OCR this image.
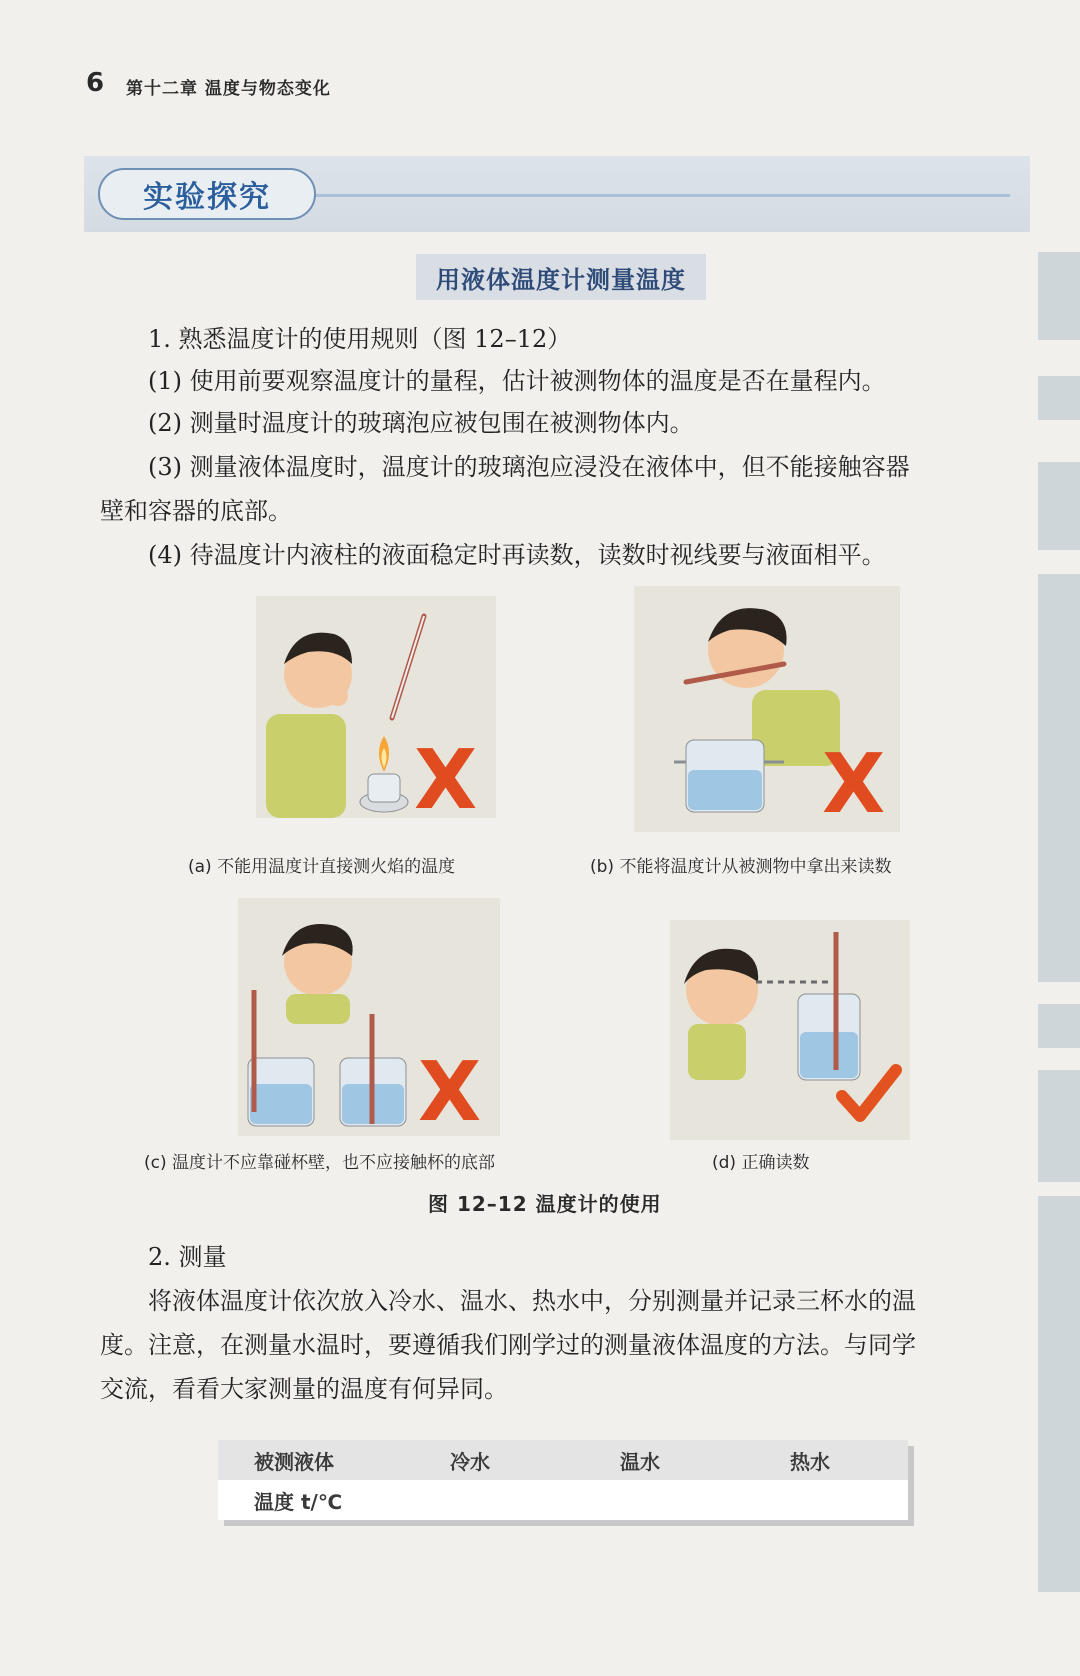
6 第十二章 温度与物态变化
实验探究
用液体温度计测量温度
1. 熟悉温度计的使用规则（图 12–12）
(1) 使用前要观察温度计的量程，估计被测物体的温度是否在量程内。
(2) 测量时温度计的玻璃泡应被包围在被测物体内。
(3) 测量液体温度时，温度计的玻璃泡应浸没在液体中，但不能接触容器
壁和容器的底部。
(4) 待温度计内液柱的液面稳定时再读数，读数时视线要与液面相平。
X
(a) 不能用温度计直接测火焰的温度
X
(b) 不能将温度计从被测物中拿出来读数
X
(c) 温度计不应靠碰杯壁，也不应接触杯的底部	(d) 正确读数
图 12–12 温度计的使用
2. 测量
将液体温度计依次放入冷水、温水、热水中，分别测量并记录三杯水的温
度。注意，在测量水温时，要遵循我们刚学过的测量液体温度的方法。与同学
交流，看看大家测量的温度有何异同。
被测液体	冷水	温水	热水
温度 t/℃
